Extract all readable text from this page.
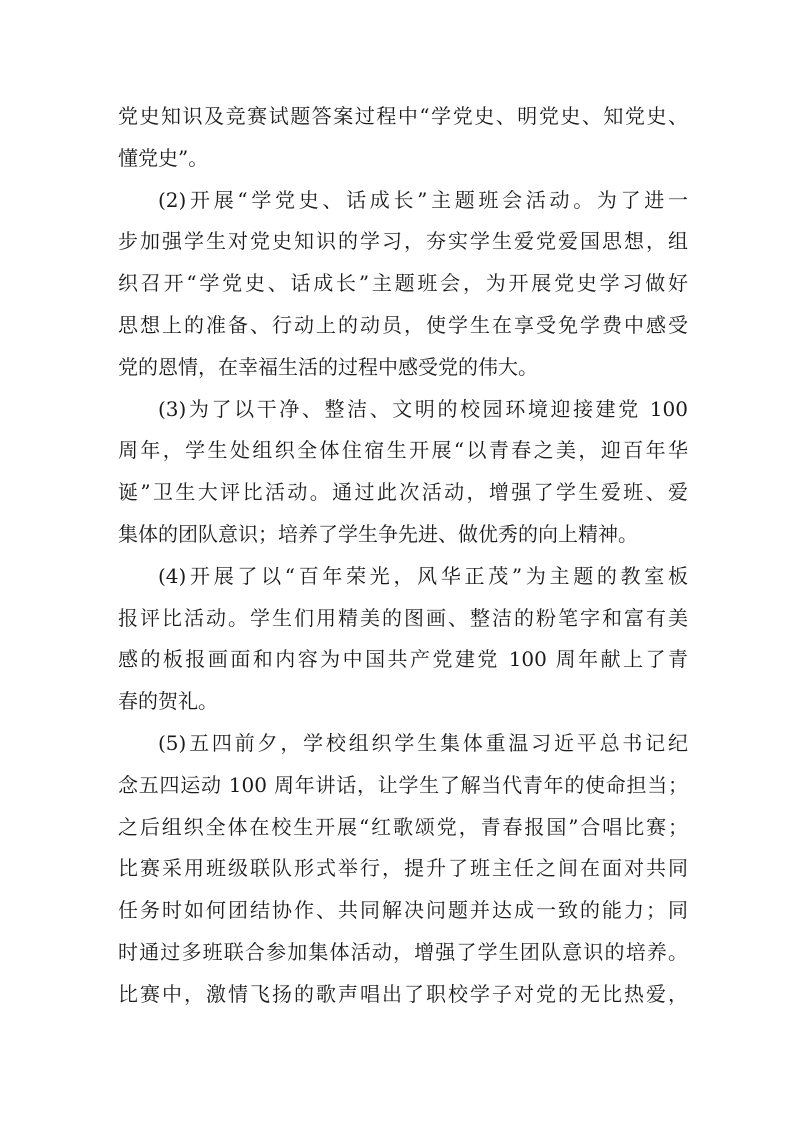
党史知识及竞赛试题答案过程中“学党史、明党史、知党史、
懂党史”。
(2)开展“学党史、话成长”主题班会活动。为了进一
步加强学生对党史知识的学习，夯实学生爱党爱国思想，组
织召开“学党史、话成长”主题班会，为开展党史学习做好
思想上的准备、行动上的动员，使学生在享受免学费中感受
党的恩情，在幸福生活的过程中感受党的伟大。
(3)为了以干净、整洁、文明的校园环境迎接建党 100
周年，学生处组织全体住宿生开展“以青春之美，迎百年华
诞”卫生大评比活动。通过此次活动，增强了学生爱班、爱
集体的团队意识；培养了学生争先进、做优秀的向上精神。
(4)开展了以“百年荣光，风华正茂”为主题的教室板
报评比活动。学生们用精美的图画、整洁的粉笔字和富有美
感的板报画面和内容为中国共产党建党 100 周年献上了青
春的贺礼。
(5)五四前夕，学校组织学生集体重温习近平总书记纪
念五四运动 100 周年讲话，让学生了解当代青年的使命担当；
之后组织全体在校生开展“红歌颂党，青春报国”合唱比赛；
比赛采用班级联队形式举行，提升了班主任之间在面对共同
任务时如何团结协作、共同解决问题并达成一致的能力；同
时通过多班联合参加集体活动，增强了学生团队意识的培养。
比赛中，激情飞扬的歌声唱出了职校学子对党的无比热爱，
